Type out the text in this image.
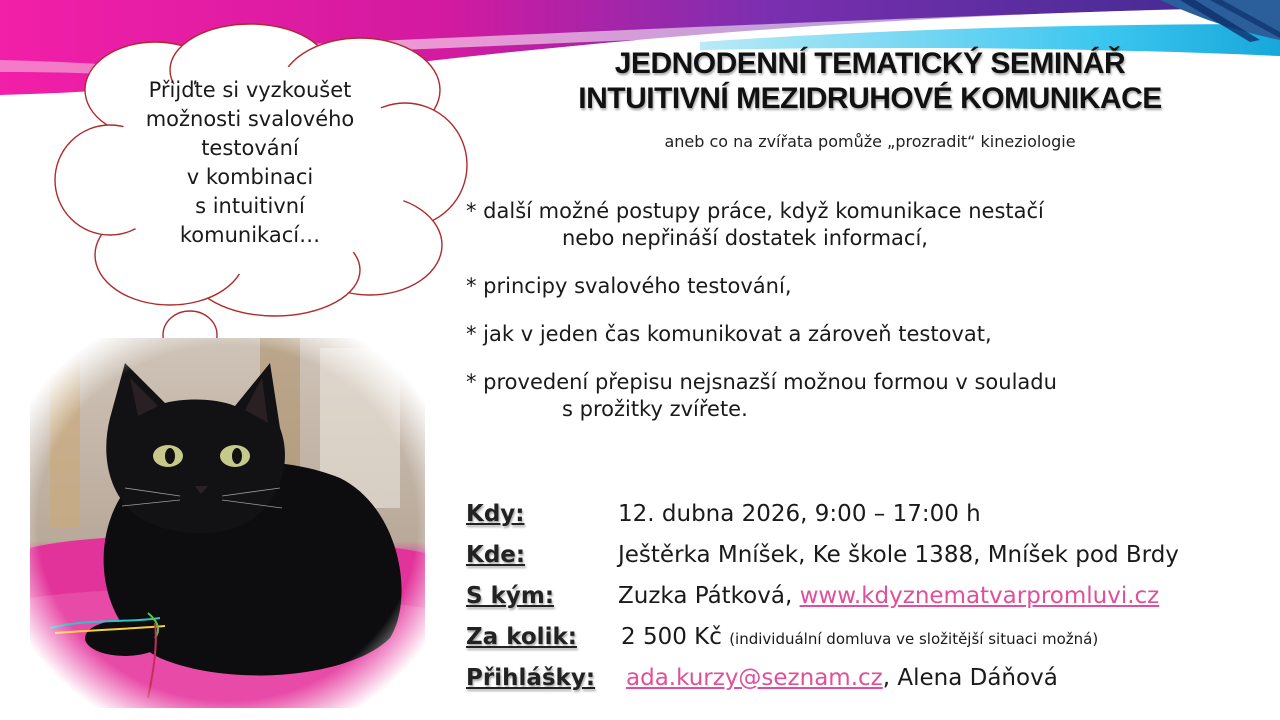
Přijďte si vyzkoušet
možnosti svalového
testování
v kombinaci
s intuitivní
komunikací…
JEDNODENNÍ TEMATICKÝ SEMINÁŘ
INTUITIVNÍ MEZIDRUHOVÉ KOMUNIKACE
aneb co na zvířata pomůže „prozradit“ kineziologie
* další možné postupy práce, když komunikace nestačí
nebo nepřináší dostatek informací,
* principy svalového testování,
* jak v jeden čas komunikovat a zároveň testovat,
* provedení přepisu nejsnazší možnou formou v souladu
s prožitky zvířete.
Kdy:	12. dubna 2026, 9:00 – 17:00 h
Kde:	Ještěrka Mníšek, Ke škole 1388, Mníšek pod Brdy
S kým:	Zuzka Pátková, www.kdyznematvarpromluvi.cz
Za kolik: 2 500 Kč (individuální domluva ve složitější situaci možná)
Přihlášky: ada.kurzy@seznam.cz, Alena Dáňová
